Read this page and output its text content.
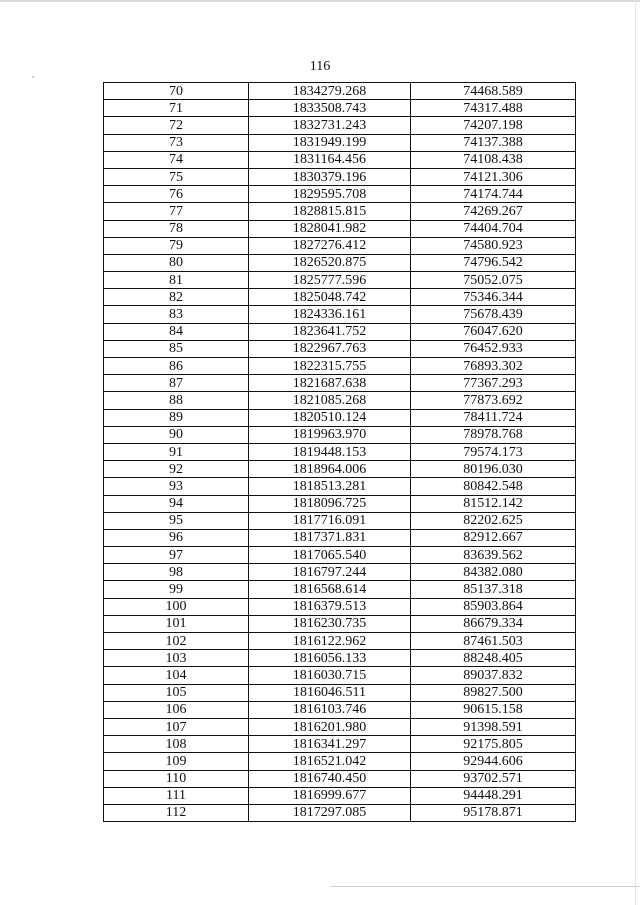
116
70	1834279.268	74468.589
71	1833508.743	74317.488
72	1832731.243	74207.198
73	1831949.199	74137.388
74	1831164.456	74108.438
75	1830379.196	74121.306
76	1829595.708	74174.744
77	1828815.815	74269.267
78	1828041.982	74404.704
79	1827276.412	74580.923
80	1826520.875	74796.542
81	1825777.596	75052.075
82	1825048.742	75346.344
83	1824336.161	75678.439
84	1823641.752	76047.620
85	1822967.763	76452.933
86	1822315.755	76893.302
87	1821687.638	77367.293
88	1821085.268	77873.692
89	1820510.124	78411.724
90	1819963.970	78978.768
91	1819448.153	79574.173
92	1818964.006	80196.030
93	1818513.281	80842.548
94	1818096.725	81512.142
95	1817716.091	82202.625
96	1817371.831	82912.667
97	1817065.540	83639.562
98	1816797.244	84382.080
99	1816568.614	85137.318
100	1816379.513	85903.864
101	1816230.735	86679.334
102	1816122.962	87461.503
103	1816056.133	88248.405
104	1816030.715	89037.832
105	1816046.511	89827.500
106	1816103.746	90615.158
107	1816201.980	91398.591
108	1816341.297	92175.805
109	1816521.042	92944.606
110	1816740.450	93702.571
111	1816999.677	94448.291
112	1817297.085	95178.871
